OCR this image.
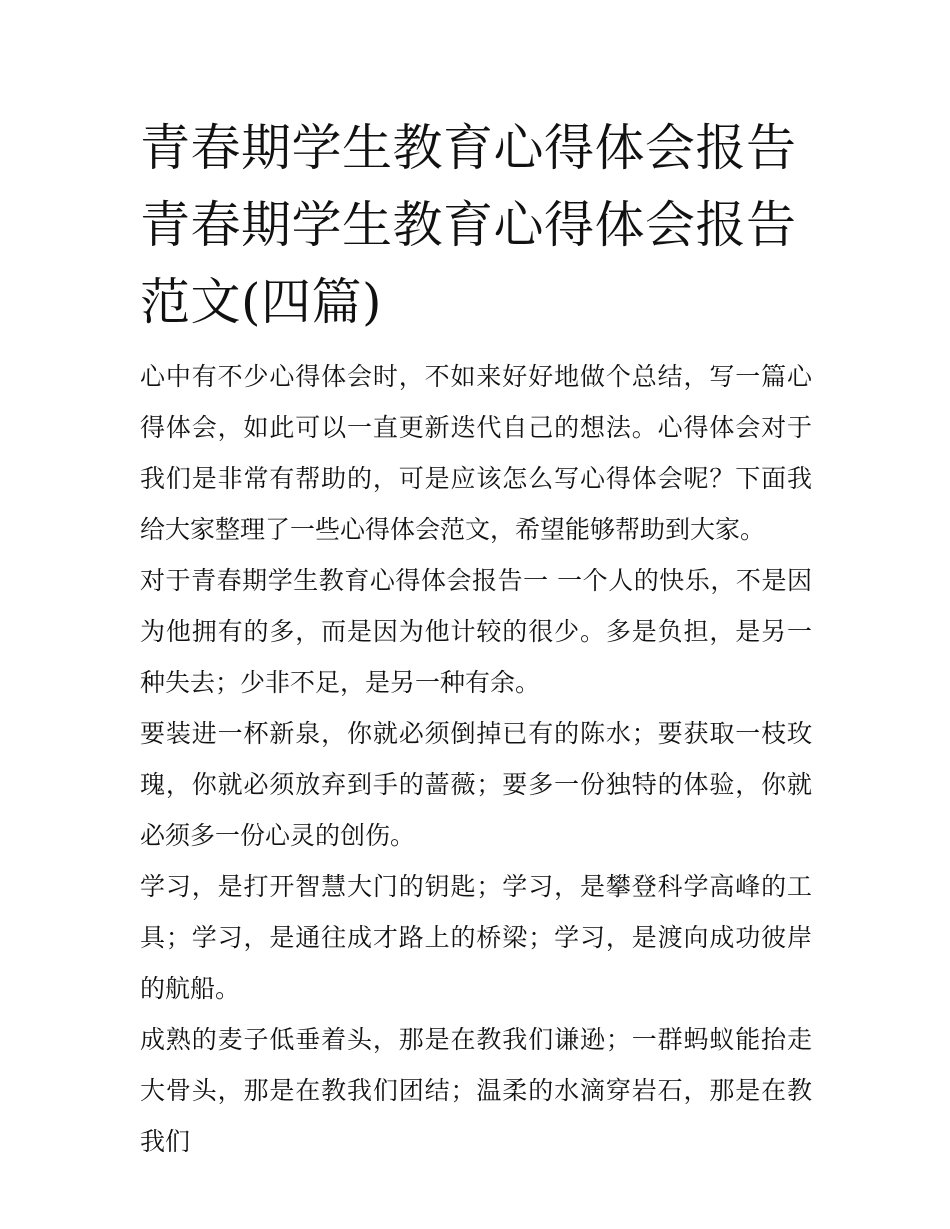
青春期学生教育心得体会报告青春期学生教育心得体会报告范文(四篇)

心中有不少心得体会时，不如来好好地做个总结，写一篇心得体会，如此可以一直更新迭代自己的想法。心得体会对于我们是非常有帮助的，可是应该怎么写心得体会呢？下面我给大家整理了一些心得体会范文，希望能够帮助到大家。

对于青春期学生教育心得体会报告一 一个人的快乐，不是因为他拥有的多，而是因为他计较的很少。多是负担，是另一种失去；少非不足，是另一种有余。

要装进一杯新泉，你就必须倒掉已有的陈水；要获取一枝玫瑰，你就必须放弃到手的蔷薇；要多一份独特的体验，你就必须多一份心灵的创伤。

学习，是打开智慧大门的钥匙；学习，是攀登科学高峰的工具；学习，是通往成才路上的桥梁；学习，是渡向成功彼岸的航船。

成熟的麦子低垂着头，那是在教我们谦逊；一群蚂蚁能抬走大骨头，那是在教我们团结；温柔的水滴穿岩石，那是在教我们
